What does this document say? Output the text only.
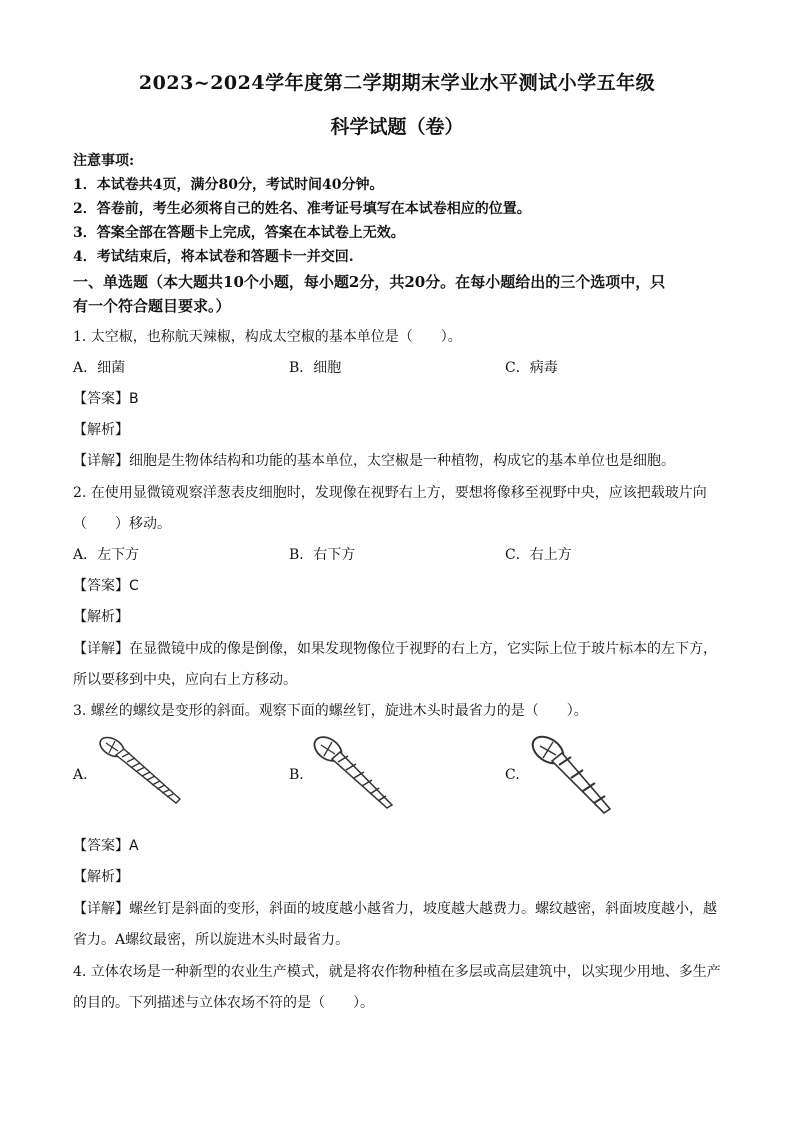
2023~2024学年度第二学期期末学业水平测试小学五年级
科学试题（卷）
注意事项:
1．本试卷共4页，满分80分，考试时间40分钟。
2．答卷前，考生必须将自己的姓名、准考证号填写在本试卷相应的位置。
3．答案全部在答题卡上完成，答案在本试卷上无效。
4．考试结束后，将本试卷和答题卡一并交回.
一、单选题（本大题共10个小题，每小题2分，共20分。在每小题给出的三个选项中，只
有一个符合题目要求。）
1. 太空椒，也称航天辣椒，构成太空椒的基本单位是（　　）。
A．细菌	B．细胞	C．病毒
【答案】B
【解析】
【详解】细胞是生物体结构和功能的基本单位，太空椒是一种植物，构成它的基本单位也是细胞。
2. 在使用显微镜观察洋葱表皮细胞时，发现像在视野右上方，要想将像移至视野中央，应该把载玻片向
（　　）移动。
A．左下方	B．右下方	C．右上方
【答案】C
【解析】
【详解】在显微镜中成的像是倒像，如果发现物像位于视野的右上方，它实际上位于玻片标本的左下方，
所以要移到中央，应向右上方移动。
3. 螺丝的螺纹是变形的斜面。观察下面的螺丝钉，旋进木头时最省力的是（　　）。
A.	B.	C.
【答案】A
【解析】
【详解】螺丝钉是斜面的变形，斜面的坡度越小越省力，坡度越大越费力。螺纹越密，斜面坡度越小，越
省力。A螺纹最密，所以旋进木头时最省力。
4. 立体农场是一种新型的农业生产模式，就是将农作物种植在多层或高层建筑中，以实现少用地、多生产
的目的。下列描述与立体农场不符的是（　　）。
